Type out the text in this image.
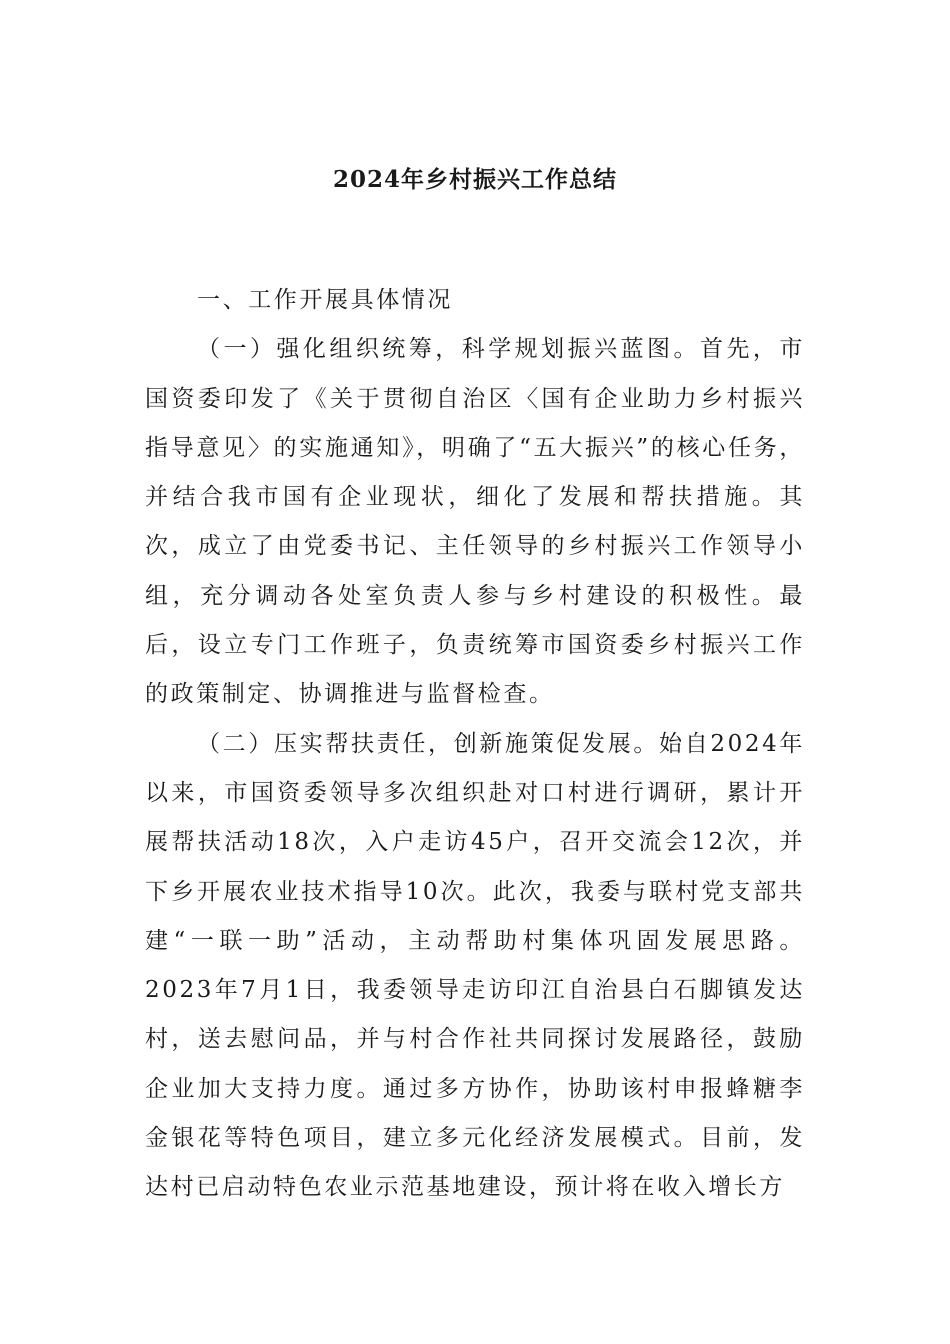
2024年乡村振兴工作总结

一、工作开展具体情况

（一）强化组织统筹，科学规划振兴蓝图。首先，市国资委印发了《关于贯彻自治区〈国有企业助力乡村振兴指导意见〉的实施通知》，明确了“五大振兴”的核心任务，并结合我市国有企业现状，细化了发展和帮扶措施。其次，成立了由党委书记、主任领导的乡村振兴工作领导小组，充分调动各处室负责人参与乡村建设的积极性。最后，设立专门工作班子，负责统筹市国资委乡村振兴工作的政策制定、协调推进与监督检查。

（二）压实帮扶责任，创新施策促发展。始自2024年以来，市国资委领导多次组织赴对口村进行调研，累计开展帮扶活动18次，入户走访45户，召开交流会12次，并下乡开展农业技术指导10次。此次，我委与联村党支部共建“一联一助”活动，主动帮助村集体巩固发展思路。2023年7月1日，我委领导走访印江自治县白石脚镇发达村，送去慰问品，并与村合作社共同探讨发展路径，鼓励企业加大支持力度。通过多方协作，协助该村申报蜂糖李金银花等特色项目，建立多元化经济发展模式。目前，发达村已启动特色农业示范基地建设，预计将在收入增长方
